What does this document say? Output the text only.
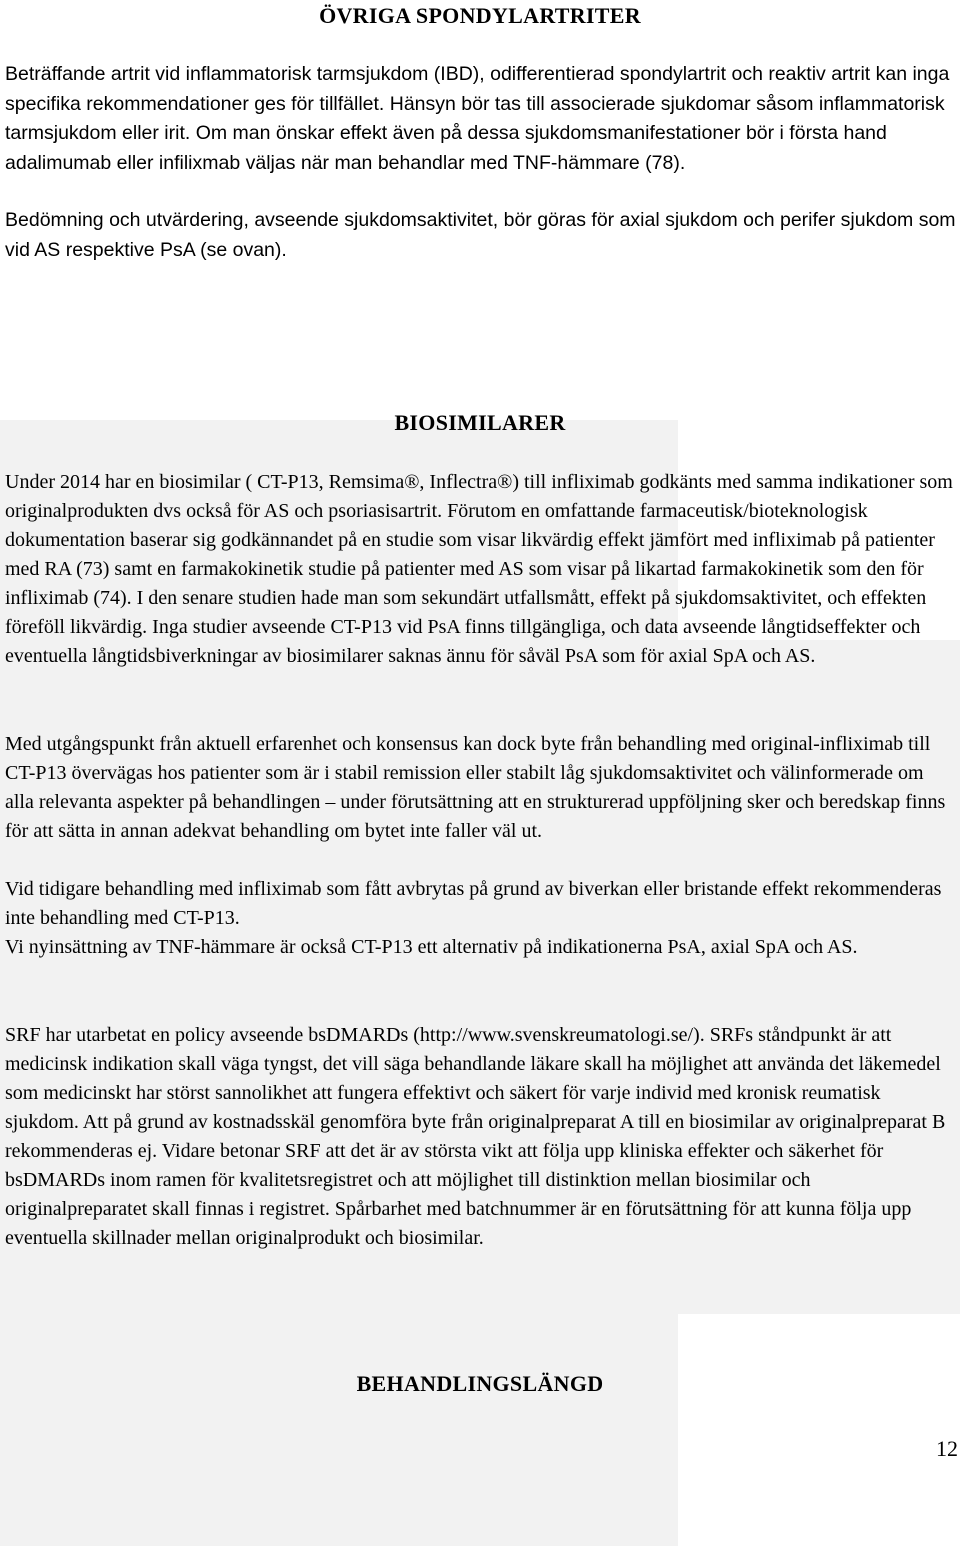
ÖVRIGA SPONDYLARTRITER

Beträffande artrit vid inflammatorisk tarmsjukdom (IBD), odifferentierad spondylartrit och reaktiv artrit kan inga specifika rekommendationer ges för tillfället. Hänsyn bör tas till associerade sjukdomar såsom inflammatorisk tarmsjukdom eller irit. Om man önskar effekt även på dessa sjukdomsmanifestationer bör i första hand adalimumab eller infilixmab väljas när man behandlar med TNF-hämmare (78).

Bedömning och utvärdering, avseende sjukdomsaktivitet, bör göras för axial sjukdom och perifer sjukdom som vid AS respektive PsA (se ovan).

BIOSIMILARER

Under 2014 har en biosimilar ( CT-P13, Remsima®, Inflectra®) till infliximab godkänts med samma indikationer som originalprodukten dvs också för AS och psoriasisartrit. Förutom en omfattande farmaceutisk/bioteknologisk dokumentation baserar sig godkännandet på en studie som visar likvärdig effekt jämfört med infliximab på patienter med RA (73) samt en farmakokinetik studie på patienter med AS som visar på likartad farmakokinetik som den för infliximab (74). I den senare studien hade man som sekundärt utfallsmått, effekt på sjukdomsaktivitet, och effekten föreföll likvärdig. Inga studier avseende CT-P13 vid PsA finns tillgängliga, och data avseende långtidseffekter och eventuella långtidsbiverkningar av biosimilarer saknas ännu för såväl PsA som för axial SpA och AS.

Med utgångspunkt från aktuell erfarenhet och konsensus kan dock byte från behandling med original-infliximab till CT-P13 övervägas hos patienter som är i stabil remission eller stabilt låg sjukdomsaktivitet och välinformerade om alla relevanta aspekter på behandlingen – under förutsättning att en strukturerad uppföljning sker och beredskap finns för att sätta in annan adekvat behandling om bytet inte faller väl ut.

Vid tidigare behandling med infliximab som fått avbrytas på grund av biverkan eller bristande effekt rekommenderas inte behandling med CT-P13.

Vi nyinsättning av TNF-hämmare är också CT-P13 ett alternativ på indikationerna PsA, axial SpA och AS.

SRF har utarbetat en policy avseende bsDMARDs (http://www.svenskreumatologi.se/). SRFs ståndpunkt är att medicinsk indikation skall väga tyngst, det vill säga behandlande läkare skall ha möjlighet att använda det läkemedel som medicinskt har störst sannolikhet att fungera effektivt och säkert för varje individ med kronisk reumatisk sjukdom. Att på grund av kostnadsskäl genomföra byte från originalpreparat A till en biosimilar av originalpreparat B rekommenderas ej. Vidare betonar SRF att det är av största vikt att följa upp kliniska effekter och säkerhet för bsDMARDs inom ramen för kvalitetsregistret och att möjlighet till distinktion mellan biosimilar och originalpreparatet skall finnas i registret. Spårbarhet med batchnummer är en förutsättning för att kunna följa upp eventuella skillnader mellan originalprodukt och biosimilar.

BEHANDLINGSLÄNGD
12
